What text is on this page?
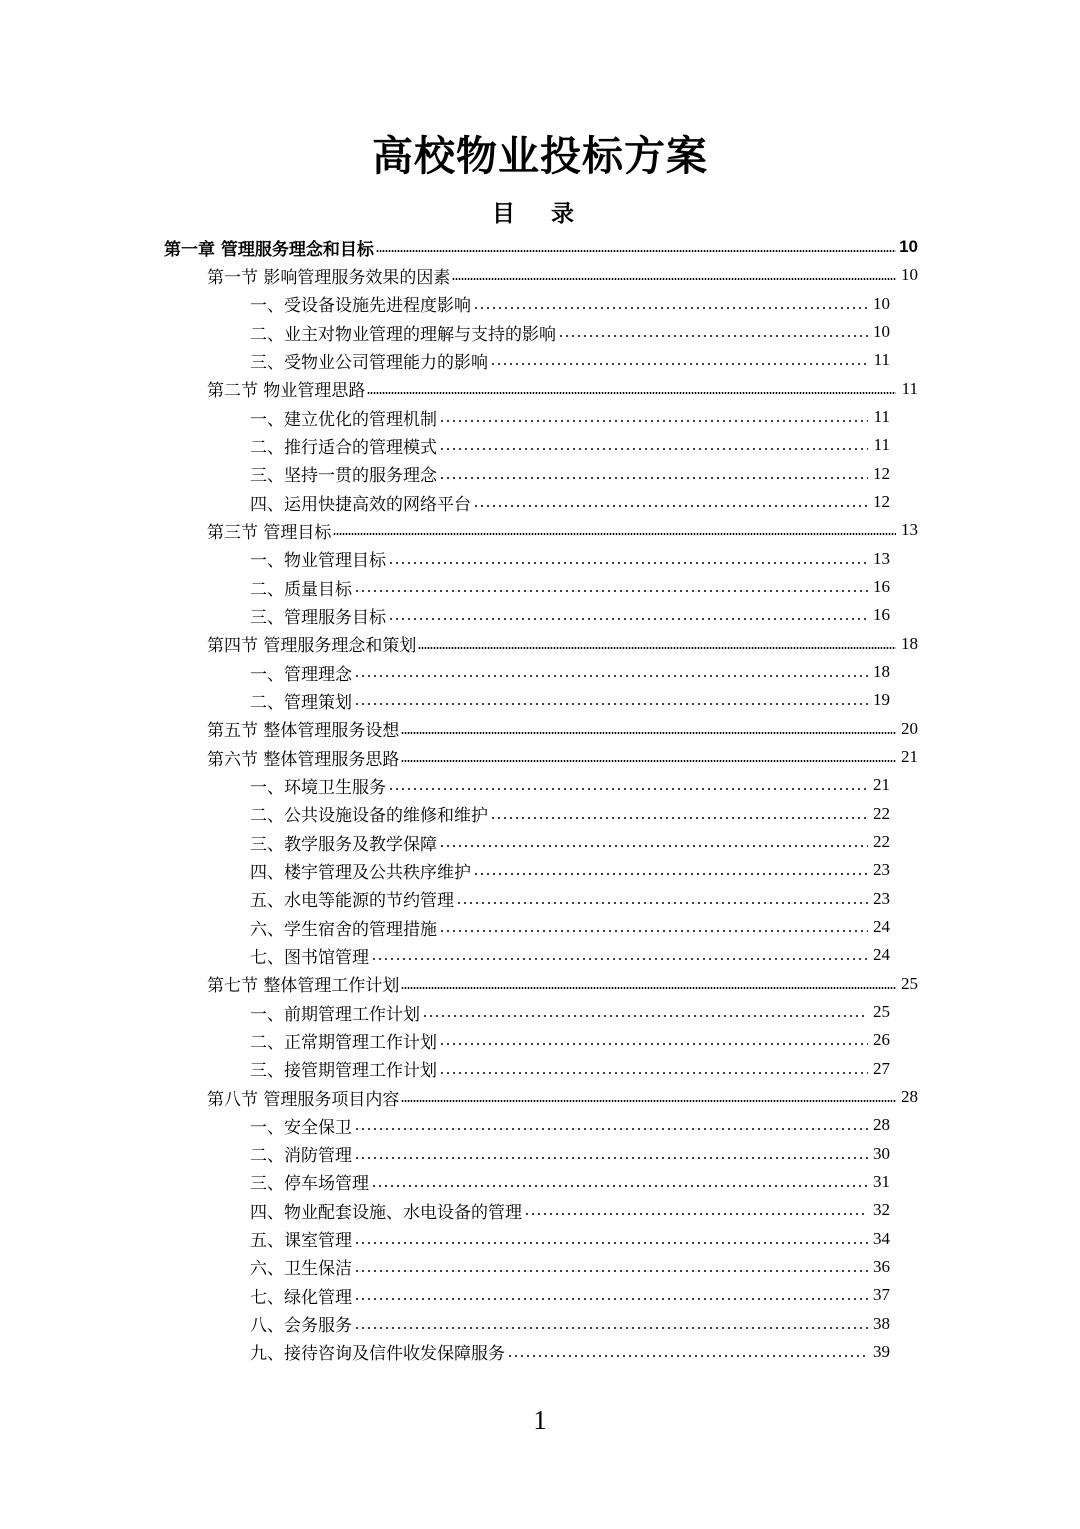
高校物业投标方案
目 录
第一章 管理服务理念和目标	10
第一节 影响管理服务效果的因素	10
一、受设备设施先进程度影响	10
二、业主对物业管理的理解与支持的影响	10
三、受物业公司管理能力的影响	11
第二节 物业管理思路	11
一、建立优化的管理机制	11
二、推行适合的管理模式	11
三、坚持一贯的服务理念	12
四、运用快捷高效的网络平台	12
第三节 管理目标	13
一、物业管理目标	13
二、质量目标	16
三、管理服务目标	16
第四节 管理服务理念和策划	18
一、管理理念	18
二、管理策划	19
第五节 整体管理服务设想	20
第六节 整体管理服务思路	21
一、环境卫生服务	21
二、公共设施设备的维修和维护	22
三、教学服务及教学保障	22
四、楼宇管理及公共秩序维护	23
五、水电等能源的节约管理	23
六、学生宿舍的管理措施	24
七、图书馆管理	24
第七节 整体管理工作计划	25
一、前期管理工作计划	25
二、正常期管理工作计划	26
三、接管期管理工作计划	27
第八节 管理服务项目内容	28
一、安全保卫	28
二、消防管理	30
三、停车场管理	31
四、物业配套设施、水电设备的管理	32
五、课室管理	34
六、卫生保洁	36
七、绿化管理	37
八、会务服务	38
九、接待咨询及信件收发保障服务	39
1
